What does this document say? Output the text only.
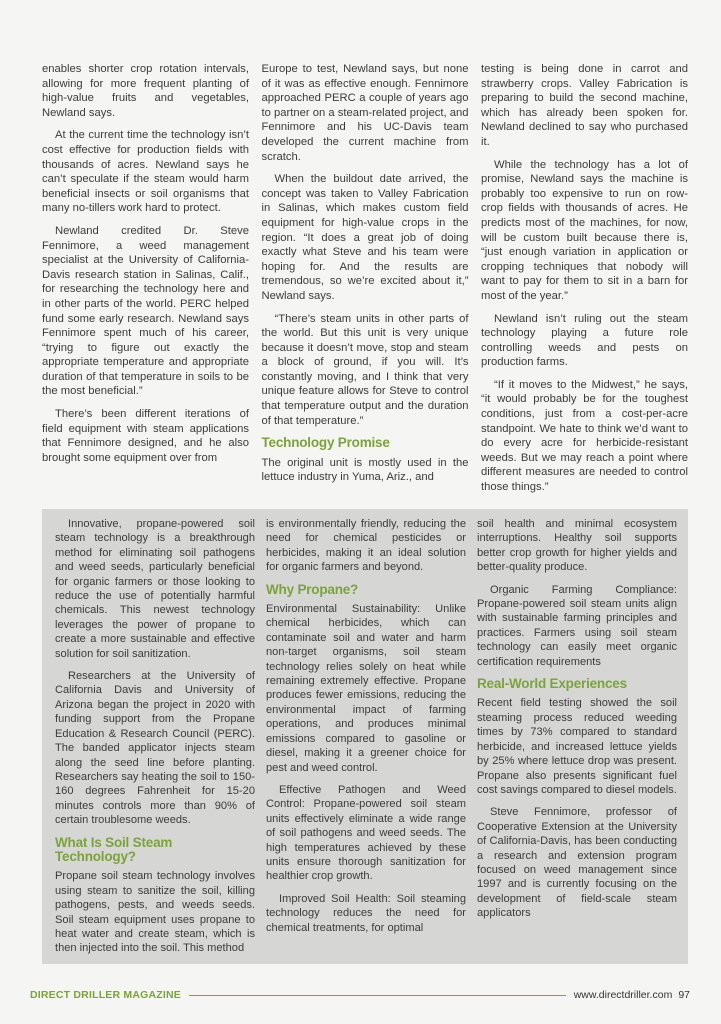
enables shorter crop rotation intervals, allowing for more frequent planting of high-value fruits and vegetables, Newland says.

At the current time the technology isn’t cost effective for production fields with thousands of acres. Newland says he can’t speculate if the steam would harm beneficial insects or soil organisms that many no-tillers work hard to protect.

Newland credited Dr. Steve Fennimore, a weed management specialist at the University of California-Davis research station in Salinas, Calif., for researching the technology here and in other parts of the world. PERC helped fund some early research. Newland says Fennimore spent much of his career, “trying to figure out exactly the appropriate temperature and appropriate duration of that temperature in soils to be the most beneficial.”

There’s been different iterations of field equipment with steam applications that Fennimore designed, and he also brought some equipment over from

Europe to test, Newland says, but none of it was as effective enough. Fennimore approached PERC a couple of years ago to partner on a steam-related project, and Fennimore and his UC-Davis team developed the current machine from scratch.

When the buildout date arrived, the concept was taken to Valley Fabrication in Salinas, which makes custom field equipment for high-value crops in the region. “It does a great job of doing exactly what Steve and his team were hoping for. And the results are tremendous, so we’re excited about it,” Newland says.

“There’s steam units in other parts of the world. But this unit is very unique because it doesn’t move, stop and steam a block of ground, if you will. It’s constantly moving, and I think that very unique feature allows for Steve to control that temperature output and the duration of that temperature.”

Technology Promise

The original unit is mostly used in the lettuce industry in Yuma, Ariz., and

testing is being done in carrot and strawberry crops. Valley Fabrication is preparing to build the second machine, which has already been spoken for. Newland declined to say who purchased it.

While the technology has a lot of promise, Newland says the machine is probably too expensive to run on row-crop fields with thousands of acres. He predicts most of the machines, for now, will be custom built because there is, “just enough variation in application or cropping techniques that nobody will want to pay for them to sit in a barn for most of the year.”

Newland isn’t ruling out the steam technology playing a future role controlling weeds and pests on production farms.

“If it moves to the Midwest,” he says, “it would probably be for the toughest conditions, just from a cost-per-acre standpoint. We hate to think we’d want to do every acre for herbicide-resistant weeds. But we may reach a point where different measures are needed to control those things.”

Innovative, propane-powered soil steam technology is a breakthrough method for eliminating soil pathogens and weed seeds, particularly beneficial for organic farmers or those looking to reduce the use of potentially harmful chemicals. This newest technology leverages the power of propane to create a more sustainable and effective solution for soil sanitization.

Researchers at the University of California Davis and University of Arizona began the project in 2020 with funding support from the Propane Education & Research Council (PERC). The banded applicator injects steam along the seed line before planting. Researchers say heating the soil to 150-160 degrees Fahrenheit for 15-20 minutes controls more than 90% of certain troublesome weeds.

What Is Soil Steam Technology?

Propane soil steam technology involves using steam to sanitize the soil, killing pathogens, pests, and weeds seeds. Soil steam equipment uses propane to heat water and create steam, which is then injected into the soil. This method

is environmentally friendly, reducing the need for chemical pesticides or herbicides, making it an ideal solution for organic farmers and beyond.

Why Propane?

Environmental Sustainability: Unlike chemical herbicides, which can contaminate soil and water and harm non-target organisms, soil steam technology relies solely on heat while remaining extremely effective. Propane produces fewer emissions, reducing the environmental impact of farming operations, and produces minimal emissions compared to gasoline or diesel, making it a greener choice for pest and weed control.

Effective Pathogen and Weed Control: Propane-powered soil steam units effectively eliminate a wide range of soil pathogens and weed seeds. The high temperatures achieved by these units ensure thorough sanitization for healthier crop growth.

Improved Soil Health: Soil steaming technology reduces the need for chemical treatments, for optimal

soil health and minimal ecosystem interruptions. Healthy soil supports better crop growth for higher yields and better-quality produce.

Organic Farming Compliance: Propane-powered soil steam units align with sustainable farming principles and practices. Farmers using soil steam technology can easily meet organic certification requirements

Real-World Experiences

Recent field testing showed the soil steaming process reduced weeding times by 73% compared to standard herbicide, and increased lettuce yields by 25% where lettuce drop was present. Propane also presents significant fuel cost savings compared to diesel models.

Steve Fennimore, professor of Cooperative Extension at the University of California-Davis, has been conducting a research and extension program focused on weed management since 1997 and is currently focusing on the development of field-scale steam applicators

DIRECT DRILLER MAGAZINE	www.directdriller.com 97
